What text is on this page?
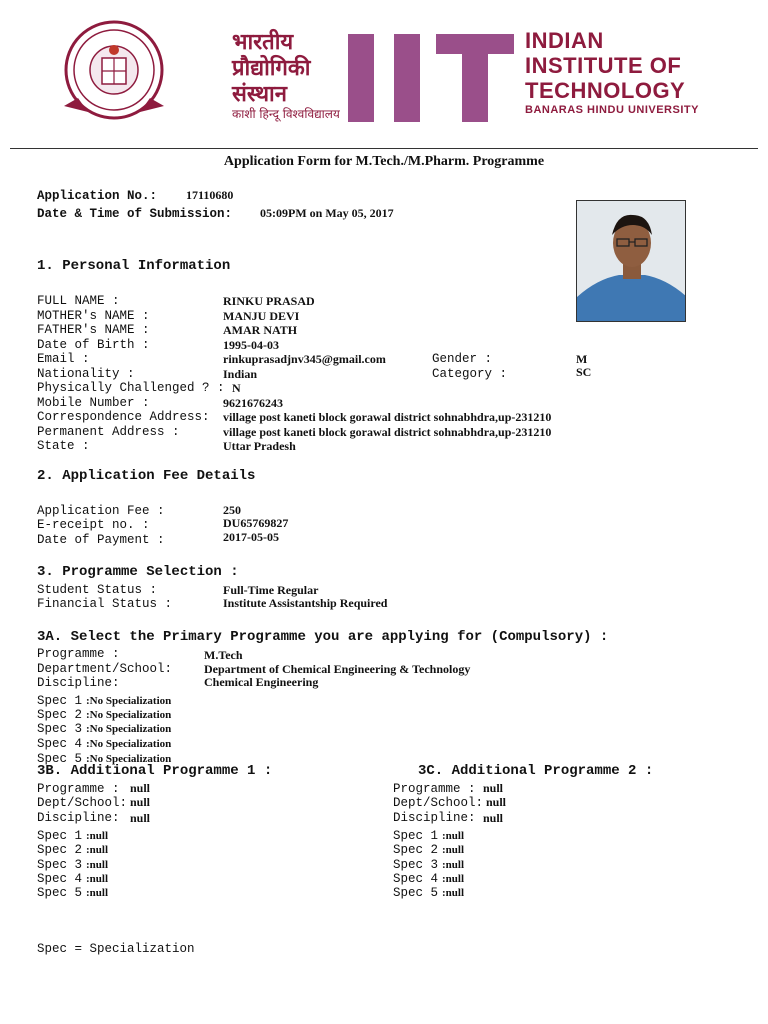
भारतीय
प्रौद्योगिकी
संस्थान
काशी हिन्दू विश्वविद्यालय
INDIAN
INSTITUTE OF
TECHNOLOGY
BANARAS HINDU UNIVERSITY
Application Form for M.Tech./M.Pharm. Programme
Application No.: 17110680
Date & Time of Submission: 05:09PM on May 05, 2017
1. Personal Information
FULL NAME :	RINKU PRASAD
MOTHER's NAME :	MANJU DEVI
FATHER's NAME :	AMAR NATH
Date of Birth :	1995-04-03
Email :	rinkuprasadjnv345@gmail.com	Gender :	M
Nationality :	Indian	Category :	SC
Physically Challenged ? : N
Mobile Number :	9621676243
Correspondence Address: village post kaneti block gorawal district sohnabhdra,up-231210
Permanent Address :	village post kaneti block gorawal district sohnabhdra,up-231210
State :	Uttar Pradesh
2. Application Fee Details
Application Fee :	250
E-receipt no. :	DU65769827
Date of Payment :	2017-05-05
3. Programme Selection :
Student Status :	Full-Time Regular
Financial Status :	Institute Assistantship Required
3A. Select the Primary Programme you are applying for (Compulsory) :
Programme :	M.Tech
Department/School:	Department of Chemical Engineering & Technology
Discipline:	Chemical Engineering
Spec 1 :No Specialization
Spec 2 :No Specialization
Spec 3 :No Specialization
Spec 4 :No Specialization
Spec 5 :No Specialization
3B. Additional Programme 1 :
Programme : null
Dept/School: null
Discipline: null
Spec 1 :null
Spec 2 :null
Spec 3 :null
Spec 4 :null
Spec 5 :null
3C. Additional Programme 2 :
Programme : null
Dept/School: null
Discipline: null
Spec 1 :null
Spec 2 :null
Spec 3 :null
Spec 4 :null
Spec 5 :null
Spec = Specialization
